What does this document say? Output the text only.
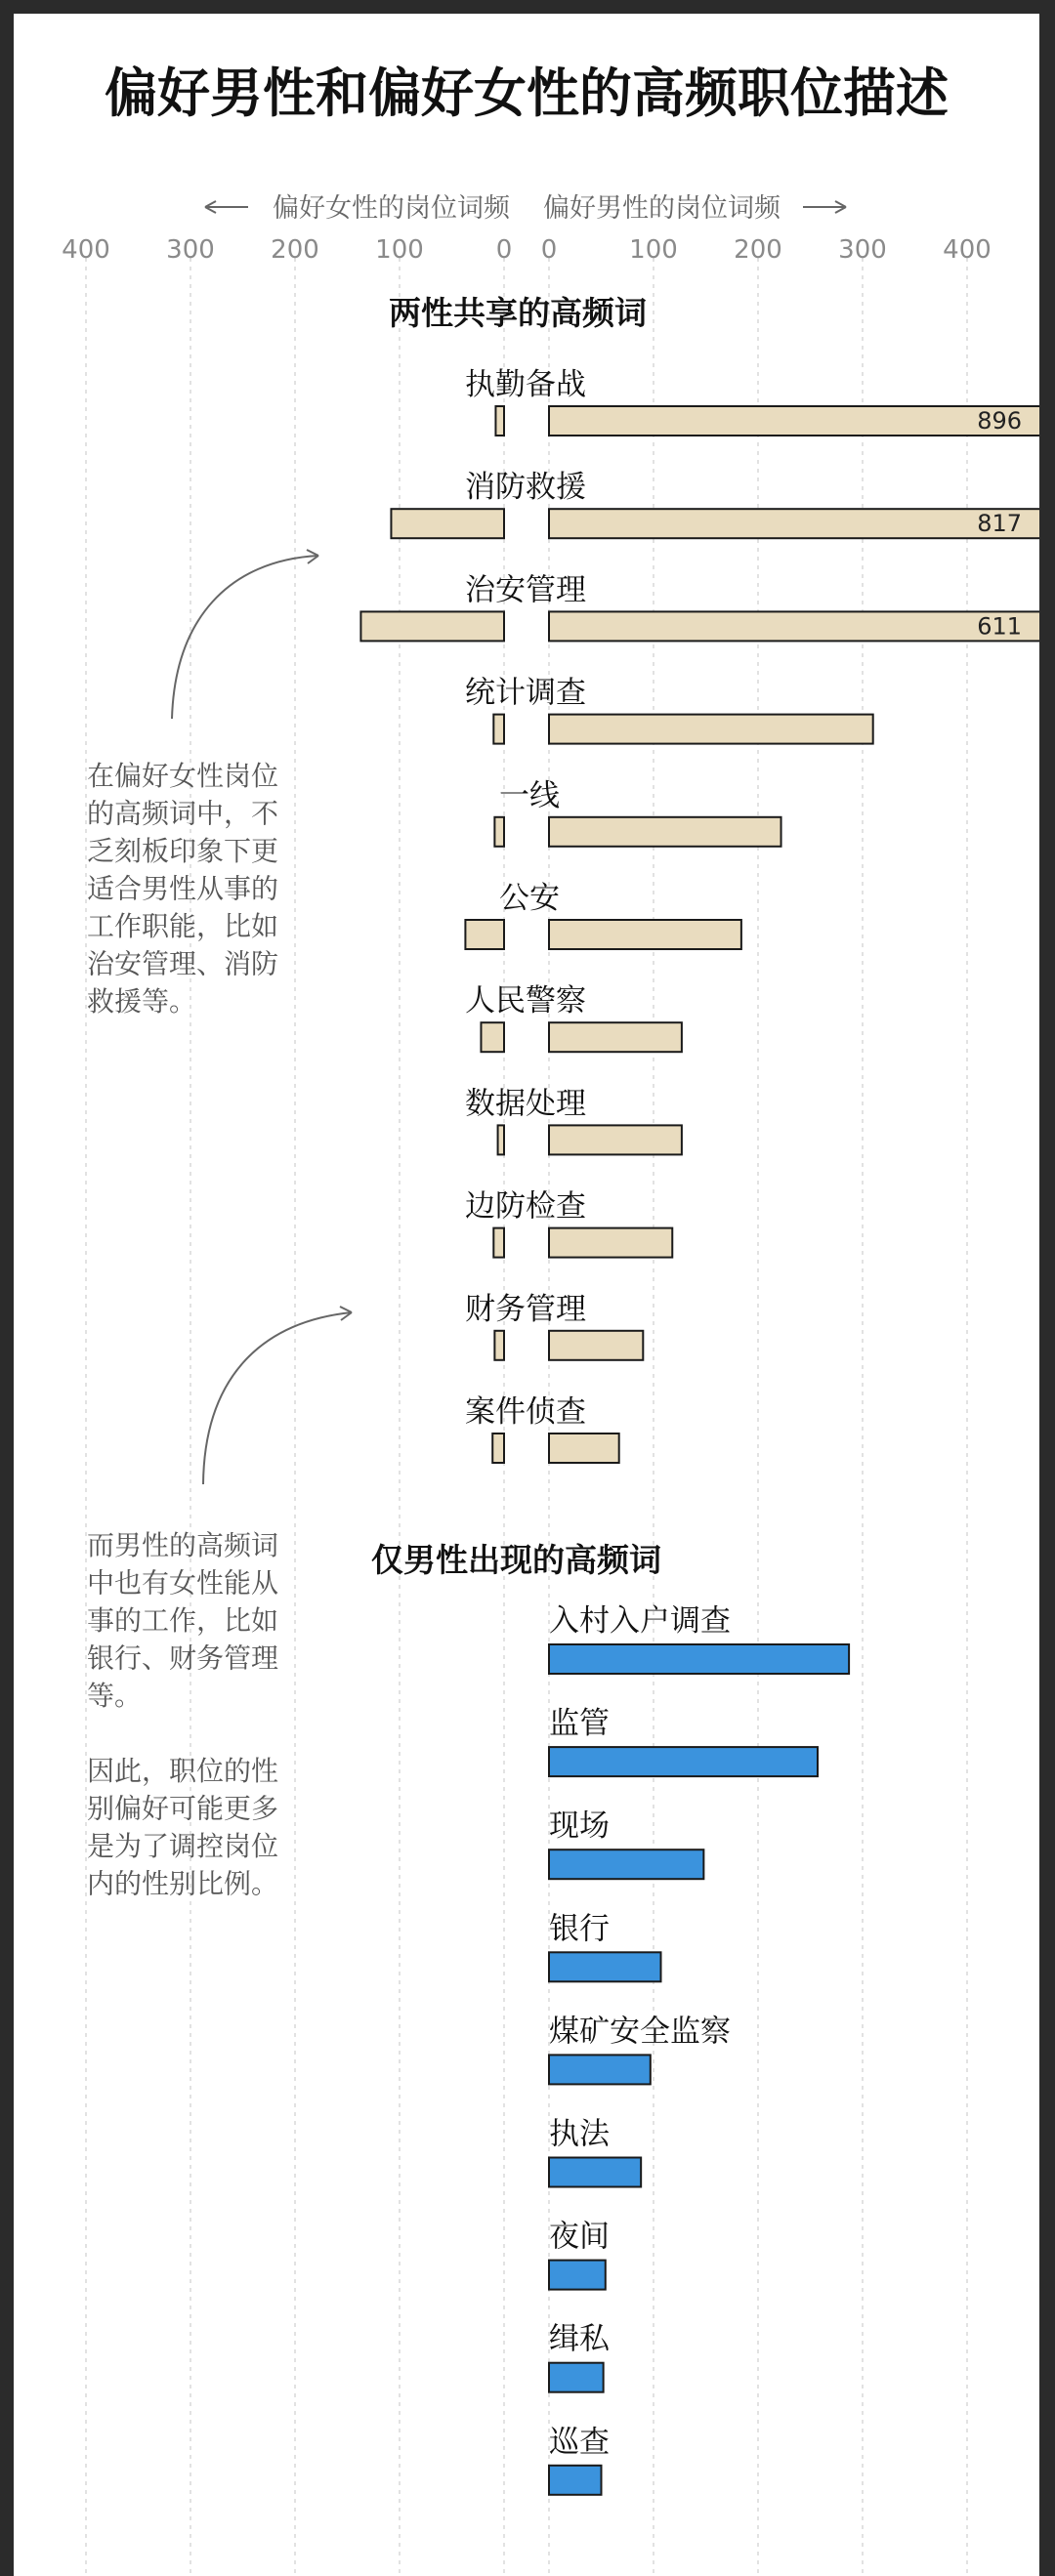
偏好男性和偏好女性的高频职位描述
偏好女性的岗位词频 偏好男性的岗位词频
400 300 200 100	0 0	100 200 300 400
两性共享的高频词
执勤备战
896
消防救援
817
治安管理
611
统计调查
一线
公安
人民警察
数据处理
边防检查
财务管理
案件侦查
仅男性出现的高频词
入村入户调查
监管
现场
银行
煤矿安全监察
执法
夜间
缉私
巡查
在偏好女性岗位
的高频词中，不
乏刻板印象下更
适合男性从事的
工作职能，比如
治安管理、消防
救援等。
而男性的高频词
中也有女性能从
事的工作，比如
银行、财务管理
等。
因此，职位的性
别偏好可能更多
是为了调控岗位
内的性别比例。
